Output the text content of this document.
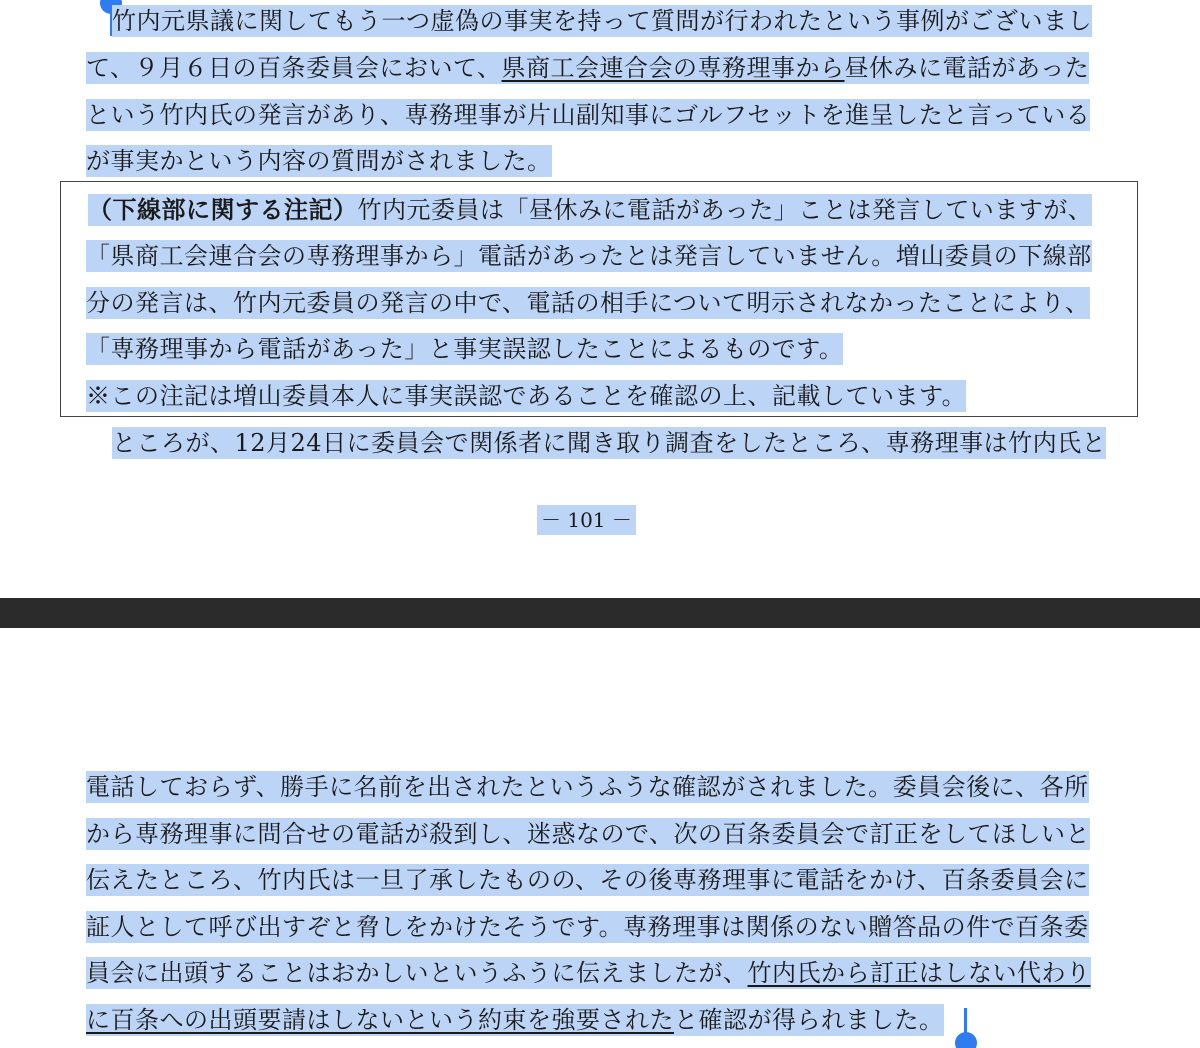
竹内元県議に関してもう一つ虚偽の事実を持って質問が行われたという事例がございまし
て、９月６日の百条委員会において、県商工会連合会の専務理事から昼休みに電話があった
という竹内氏の発言があり、専務理事が片山副知事にゴルフセットを進呈したと言っている
が事実かという内容の質問がされました。
（下線部に関する注記）竹内元委員は「昼休みに電話があった」ことは発言していますが、
「県商工会連合会の専務理事から」電話があったとは発言していません。増山委員の下線部
分の発言は、竹内元委員の発言の中で、電話の相手について明示されなかったことにより、
「専務理事から電話があった」と事実誤認したことによるものです。
※この注記は増山委員本人に事実誤認であることを確認の上、記載しています。
ところが、12月24日に委員会で関係者に聞き取り調査をしたところ、専務理事は竹内氏と
－ 101 －
電話しておらず、勝手に名前を出されたというふうな確認がされました。委員会後に、各所
から専務理事に問合せの電話が殺到し、迷惑なので、次の百条委員会で訂正をしてほしいと
伝えたところ、竹内氏は一旦了承したものの、その後専務理事に電話をかけ、百条委員会に
証人として呼び出すぞと脅しをかけたそうです。専務理事は関係のない贈答品の件で百条委
員会に出頭することはおかしいというふうに伝えましたが、竹内氏から訂正はしない代わり
に百条への出頭要請はしないという約束を強要されたと確認が得られました。
